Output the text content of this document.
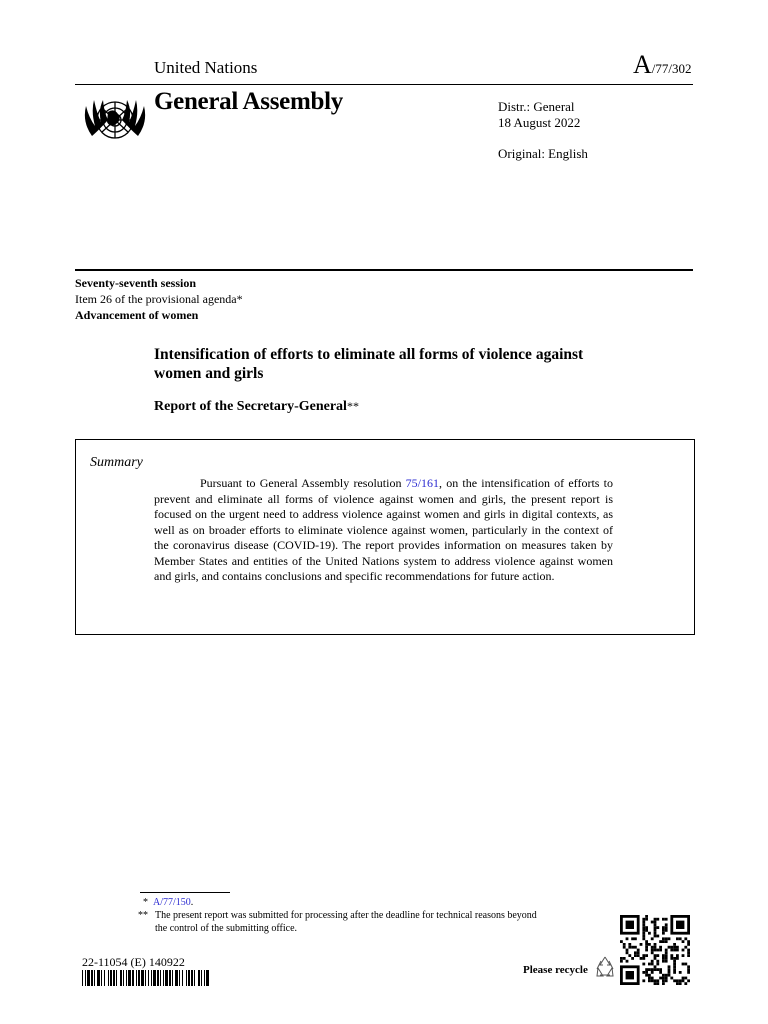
United Nations	A/77/302
General Assembly	Distr.: General
18 August 2022
Original: English
Seventy-seventh session
Item 26 of the provisional agenda*
Advancement of women
Intensification of efforts to eliminate all forms of violence against women and girls
Report of the Secretary-General**
Summary
Pursuant to General Assembly resolution 75/161, on the intensification of efforts to prevent and eliminate all forms of violence against women and girls, the present report is focused on the urgent need to address violence against women and girls in digital contexts, as well as on broader efforts to eliminate violence against women, particularly in the context of the coronavirus disease (COVID-19). The report provides information on measures taken by Member States and entities of the United Nations system to address violence against women and girls, and contains conclusions and specific recommendations for future action.
* A/77/150.
** The present report was submitted for processing after the deadline for technical reasons beyond
the control of the submitting office.
22-11054 (E) 140922
Please recycle
